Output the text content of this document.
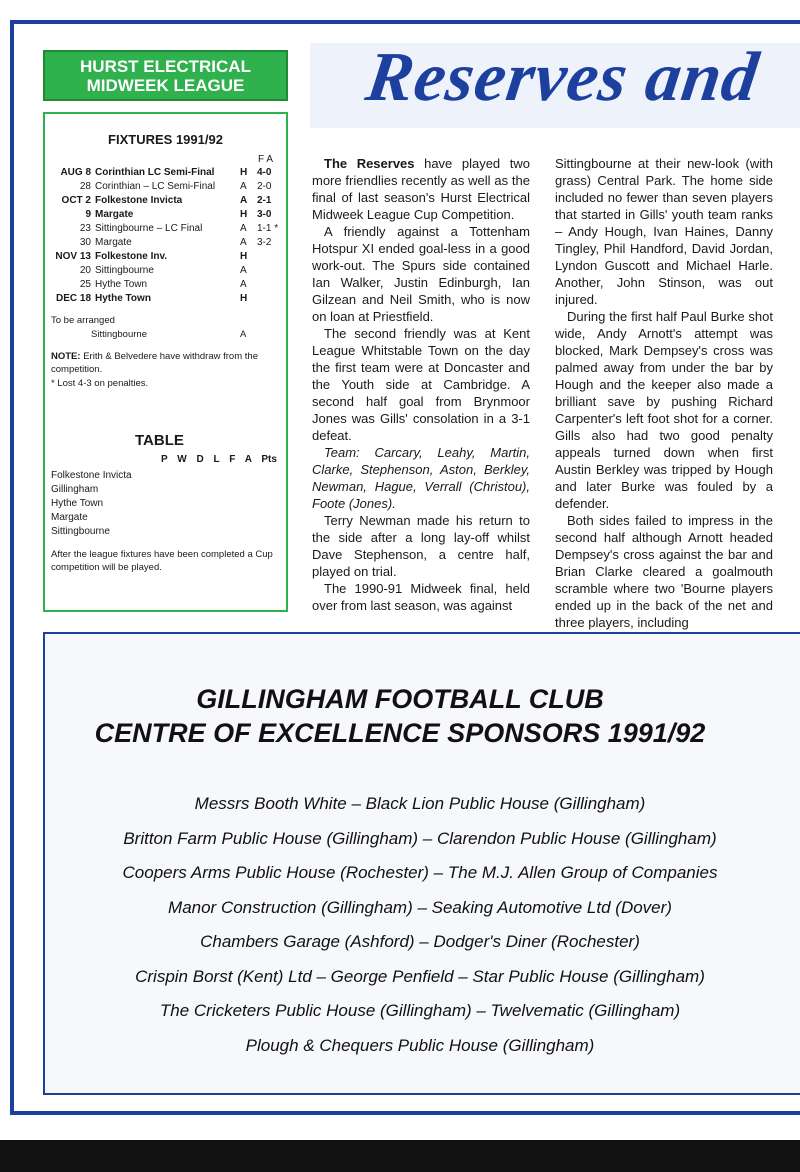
HURST ELECTRICAL
MIDWEEK LEAGUE	Reserves and
FIXTURES 1991/92
F A
AUG 8 Corinthian LC Semi-Final	H 4-0
28 Corinthian – LC Semi-Final A 2-0
OCT 2 Folkestone Invicta	A 2-1
9 Margate	H 3-0
23 Sittingbourne – LC Final	A 1-1 *
30 Margate	A 3-2
NOV 13 Folkestone Inv.	H
20 Sittingbourne	A
25 Hythe Town	A
DEC 18 Hythe Town	H
To be arranged
Sittingbourne	A
NOTE: Erith & Belvedere have withdraw from the competition.
* Lost 4-3 on penalties.
TABLE
P W D L F A Pts
Folkestone Invicta
Gillingham
Hythe Town
Margate
Sittingbourne
After the league fixtures have been completed a Cup competition will be played.

The Reserves have played two more friendlies recently as well as the final of last season's Hurst Electrical Midweek League Cup Competition.

A friendly against a Tottenham Hotspur XI ended goal-less in a good work-out. The Spurs side contained Ian Walker, Justin Edinburgh, Ian Gilzean and Neil Smith, who is now on loan at Priestfield.

The second friendly was at Kent League Whitstable Town on the day the first team were at Doncaster and the Youth side at Cambridge. A second half goal from Brynmoor Jones was Gills' consolation in a 3-1 defeat.

Team: Carcary, Leahy, Martin, Clarke, Stephenson, Aston, Berkley, Newman, Hague, Verrall (Christou), Foote (Jones).

Terry Newman made his return to the side after a long lay-off whilst Dave Stephenson, a centre half, played on trial.

The 1990-91 Midweek final, held over from last season, was against

Sittingbourne at their new-look (with grass) Central Park. The home side included no fewer than seven players that started in Gills' youth team ranks – Andy Hough, Ivan Haines, Danny Tingley, Phil Handford, David Jordan, Lyndon Guscott and Michael Harle. Another, John Stinson, was out injured.

During the first half Paul Burke shot wide, Andy Arnott's attempt was blocked, Mark Dempsey's cross was palmed away from under the bar by Hough and the keeper also made a brilliant save by pushing Richard Carpenter's left foot shot for a corner. Gills also had two good penalty appeals turned down when first Austin Berkley was tripped by Hough and later Burke was fouled by a defender.

Both sides failed to impress in the second half although Arnott headed Dempsey's cross against the bar and Brian Clarke cleared a goalmouth scramble where two 'Bourne players ended up in the back of the net and three players, including

GILLINGHAM FOOTBALL CLUB
CENTRE OF EXCELLENCE SPONSORS 1991/92
Messrs Booth White – Black Lion Public House (Gillingham)
Britton Farm Public House (Gillingham) – Clarendon Public House (Gillingham)
Coopers Arms Public House (Rochester) – The M.J. Allen Group of Companies
Manor Construction (Gillingham) – Seaking Automotive Ltd (Dover)
Chambers Garage (Ashford) – Dodger's Diner (Rochester)
Crispin Borst (Kent) Ltd – George Penfield – Star Public House (Gillingham)
The Cricketers Public House (Gillingham) – Twelvematic (Gillingham)
Plough & Chequers Public House (Gillingham)
